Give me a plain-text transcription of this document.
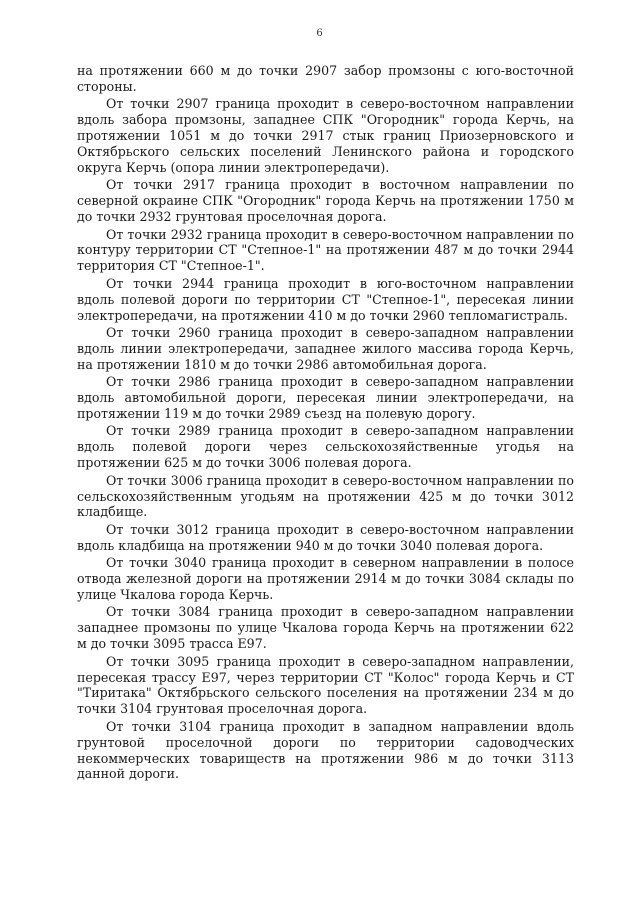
6

на протяжении 660 м до точки 2907 забор промзоны с юго-восточной стороны.

От точки 2907 граница проходит в северо-восточном направлении вдоль забора промзоны, западнее СПК "Огородник" города Керчь, на протяжении 1051 м до точки 2917 стык границ Приозерновского и Октябрьского сельских поселений Ленинского района и городского округа Керчь (опора линии электропередачи).

От точки 2917 граница проходит в восточном направлении по северной окраине СПК "Огородник" города Керчь на протяжении 1750 м до точки 2932 грунтовая проселочная дорога.

От точки 2932 граница проходит в северо-восточном направлении по контуру территории СТ "Степное-1" на протяжении 487 м до точки 2944 территория СТ "Степное-1".

От точки 2944 граница проходит в юго-восточном направлении вдоль полевой дороги по территории СТ "Степное-1", пересекая линии электропередачи, на протяжении 410 м до точки 2960 тепломагистраль.

От точки 2960 граница проходит в северо-западном направлении вдоль линии электропередачи, западнее жилого массива города Керчь, на протяжении 1810 м до точки 2986 автомобильная дорога.

От точки 2986 граница проходит в северо-западном направлении вдоль автомобильной дороги, пересекая линии электропередачи, на протяжении 119 м до точки 2989 съезд на полевую дорогу.

От точки 2989 граница проходит в северо-западном направлении вдоль полевой дороги через сельскохозяйственные угодья на протяжении 625 м до точки 3006 полевая дорога.

От точки 3006 граница проходит в северо-восточном направлении по сельскохозяйственным угодьям на протяжении 425 м до точки 3012 кладбище.

От точки 3012 граница проходит в северо-восточном направлении вдоль кладбища на протяжении 940 м до точки 3040 полевая дорога.

От точки 3040 граница проходит в северном направлении в полосе отвода железной дороги на протяжении 2914 м до точки 3084 склады по улице Чкалова города Керчь.

От точки 3084 граница проходит в северо-западном направлении западнее промзоны по улице Чкалова города Керчь на протяжении 622 м до точки 3095 трасса Е97.

От точки 3095 граница проходит в северо-западном направлении, пересекая трассу Е97, через территории СТ "Колос" города Керчь и СТ "Тиритака" Октябрьского сельского поселения на протяжении 234 м до точки 3104 грунтовая проселочная дорога.

От точки 3104 граница проходит в западном направлении вдоль грунтовой проселочной дороги по территории садоводческих некоммерческих товариществ на протяжении 986 м до точки 3113 данной дороги.
